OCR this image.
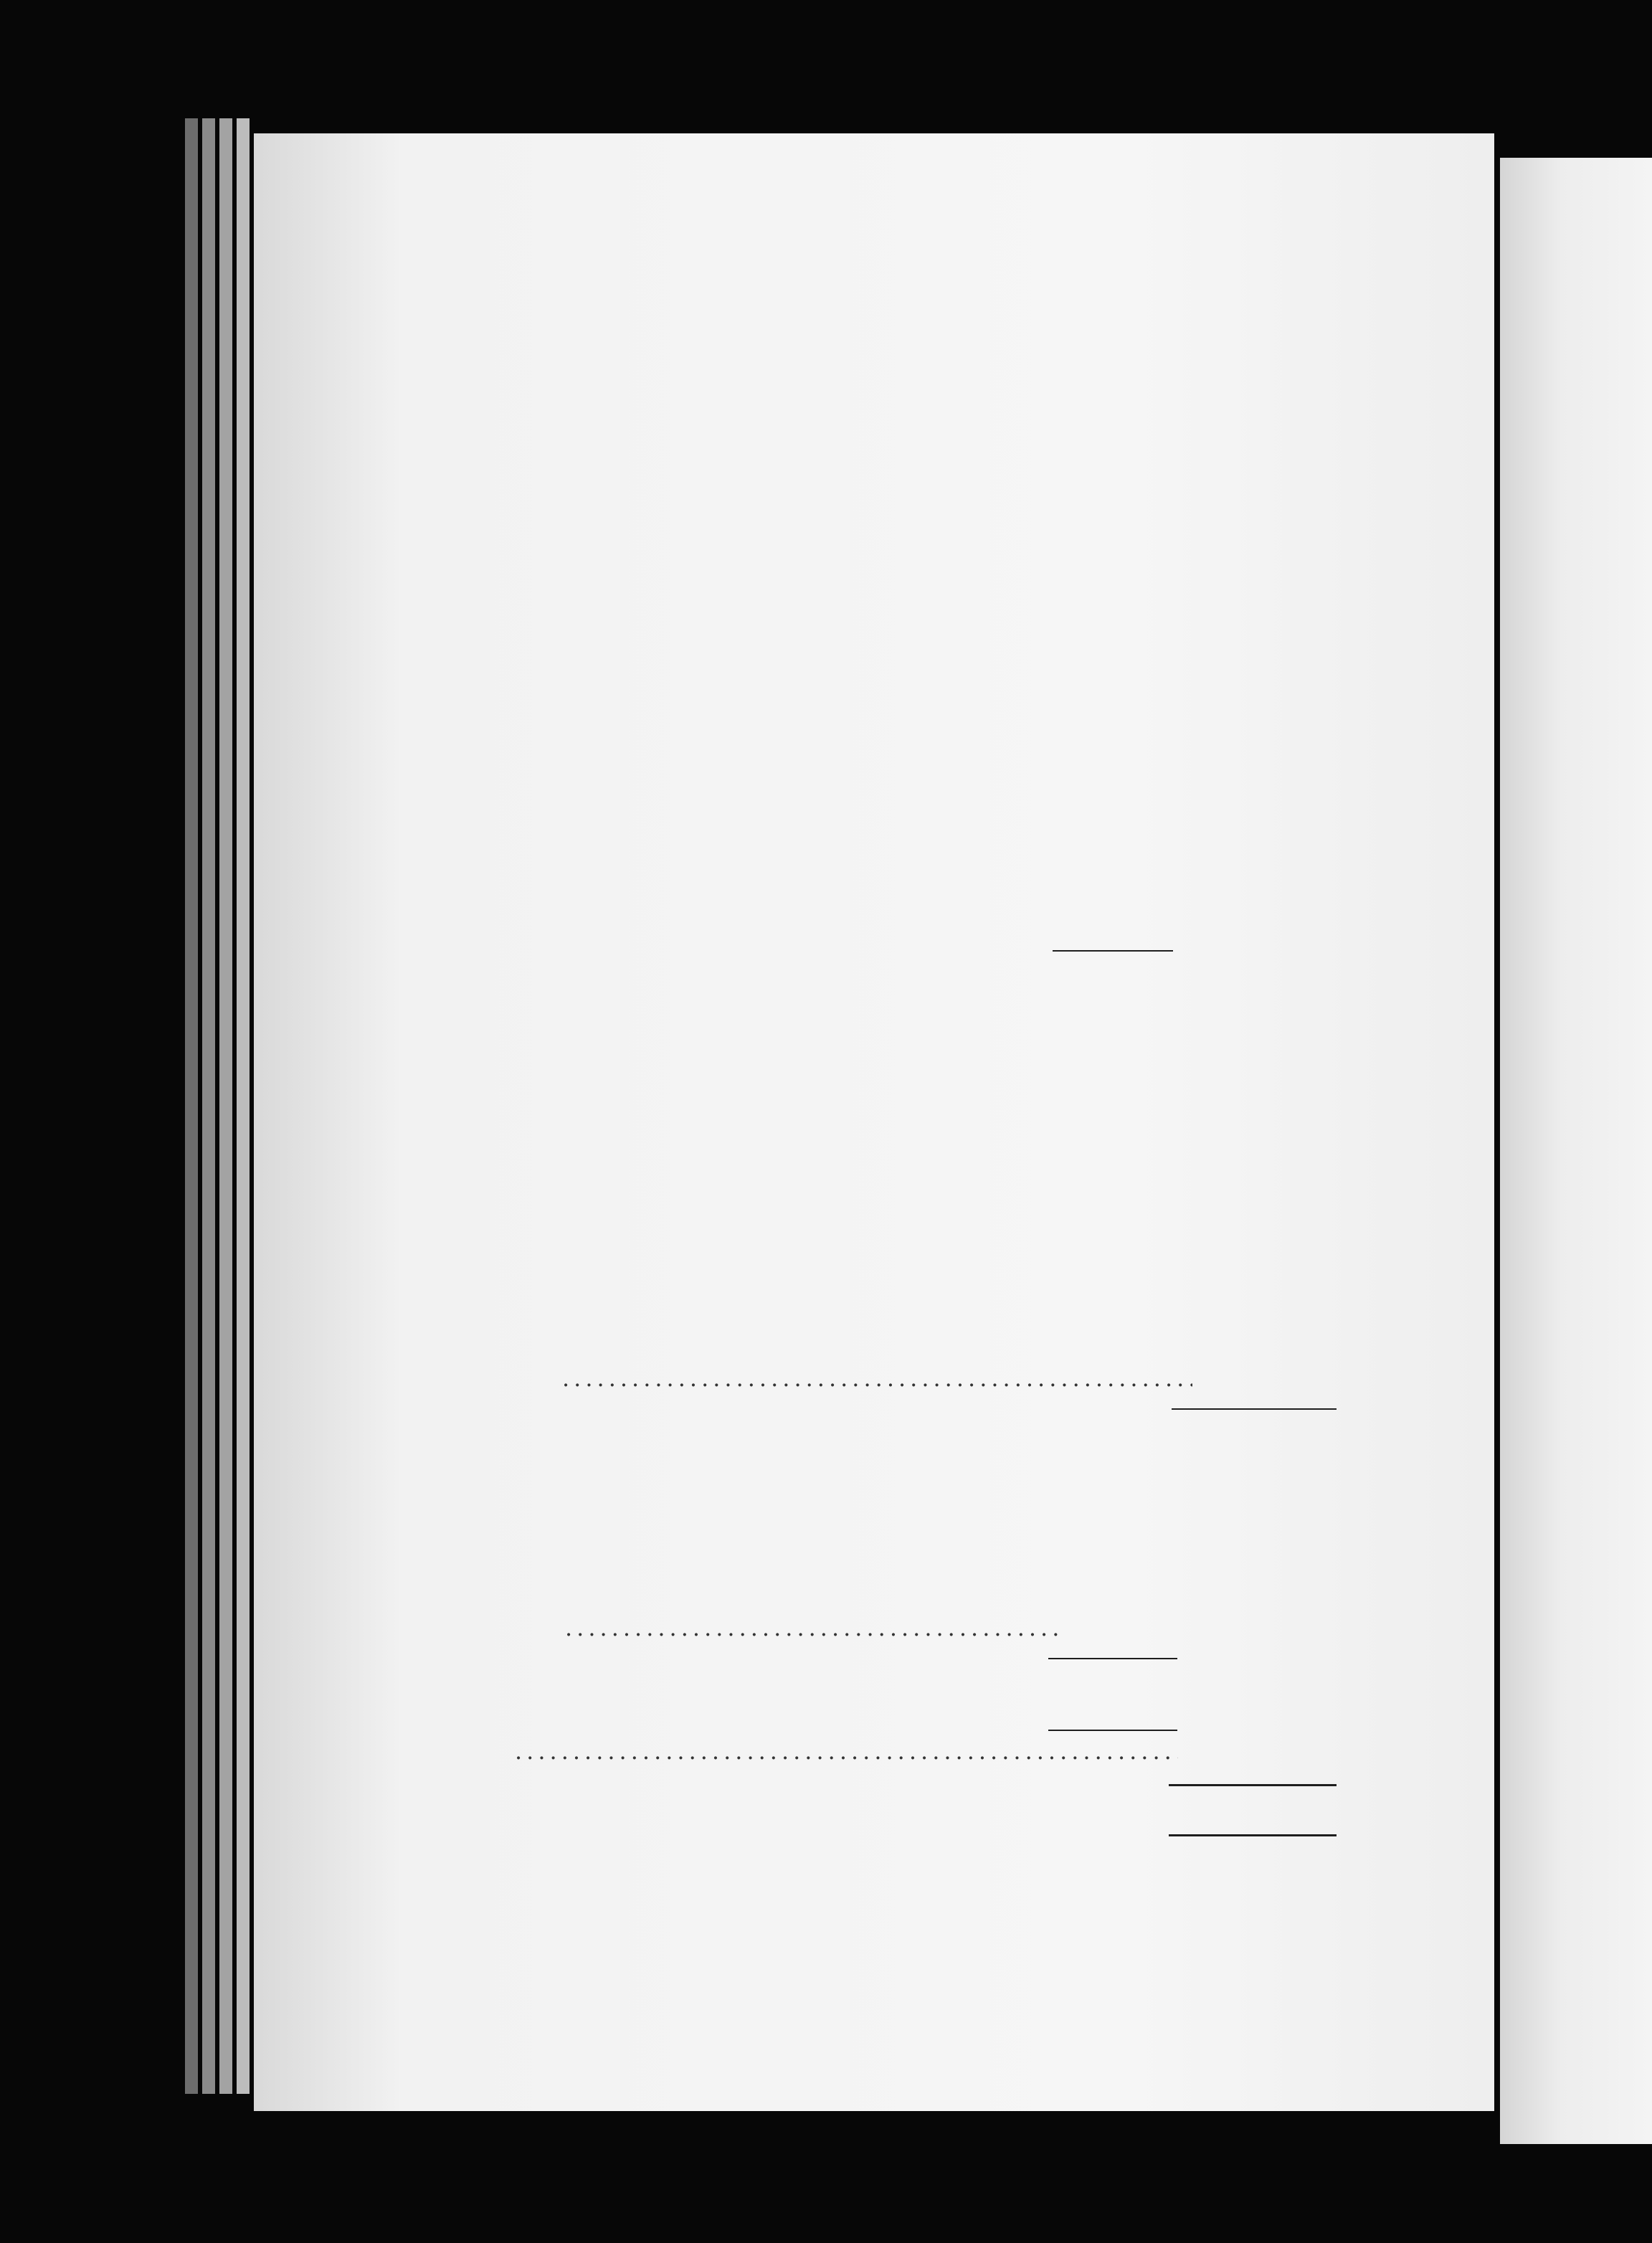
.....
.....
.....
